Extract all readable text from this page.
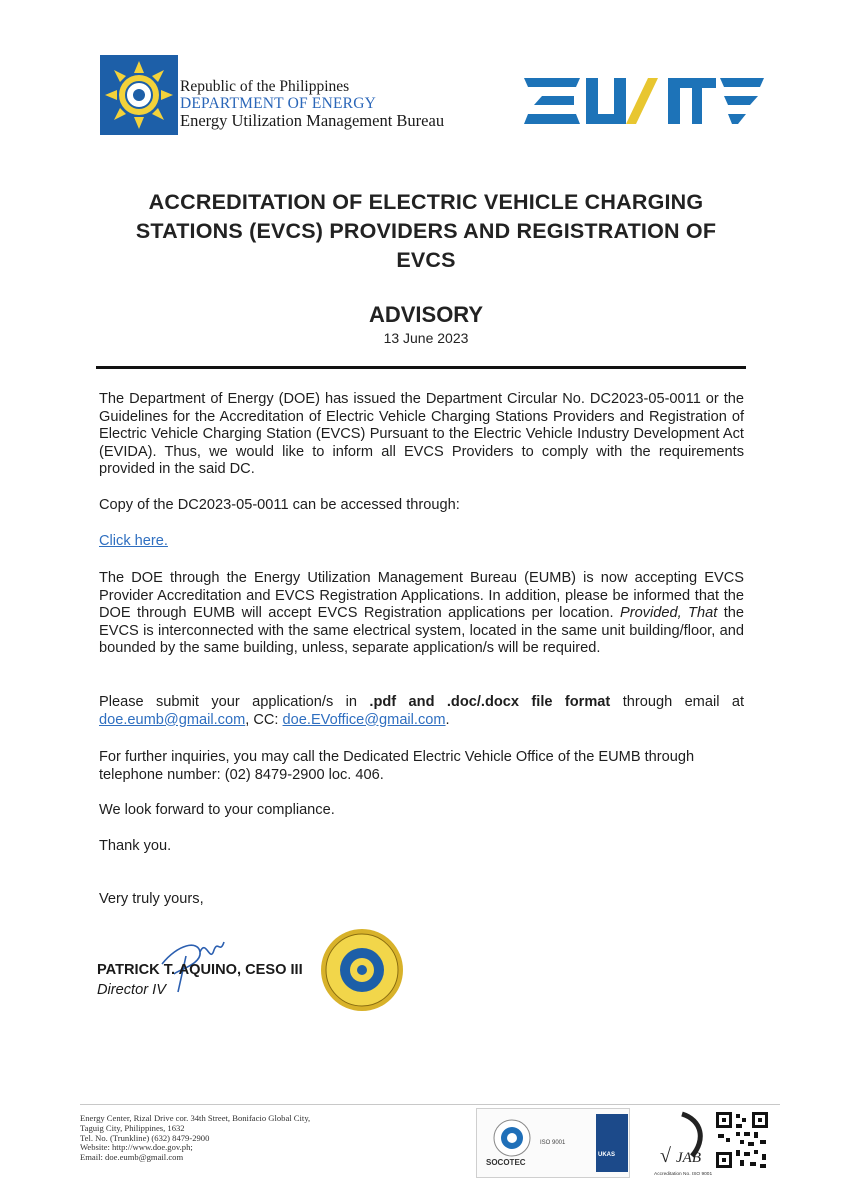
Republic of the Philippines
DEPARTMENT OF ENERGY
Energy Utilization Management Bureau
ACCREDITATION OF ELECTRIC VEHICLE CHARGING
STATIONS (EVCS) PROVIDERS AND REGISTRATION OF
EVCS
ADVISORY
13 June 2023
The Department of Energy (DOE) has issued the Department Circular No. DC2023-05-0011 or the Guidelines for the Accreditation of Electric Vehicle Charging Stations Providers and Registration of Electric Vehicle Charging Station (EVCS) Pursuant to the Electric Vehicle Industry Development Act (EVIDA). Thus, we would like to inform all EVCS Providers to comply with the requirements provided in the said DC.
Copy of the DC2023-05-0011 can be accessed through:
Click here.
The DOE through the Energy Utilization Management Bureau (EUMB) is now accepting EVCS Provider Accreditation and EVCS Registration Applications. In addition, please be informed that the DOE through EUMB will accept EVCS Registration applications per location. Provided, That the EVCS is interconnected with the same electrical system, located in the same unit building/floor, and bounded by the same building, unless, separate application/s will be required.
Please submit your application/s in .pdf and .doc/.docx file format through email at doe.eumb@gmail.com, CC: doe.EVoffice@gmail.com.
For further inquiries, you may call the Dedicated Electric Vehicle Office of the EUMB through telephone number: (02) 8479-2900 loc. 406.
We look forward to your compliance.
Thank you.
Very truly yours,
PATRICK T. AQUINO, CESO III
Director IV
Energy Center, Rizal Drive cor. 34th Street, Bonifacio Global City,
Taguig City, Philippines, 1632
Tel. No. (Trunkline) (632) 8479-2900
Website: http://www.doe.gov.ph;
Email: doe.eumb@gmail.com
ISO 9001
SOCOTEC
UKAS √ JAB
Accreditation No. ISO 9001
